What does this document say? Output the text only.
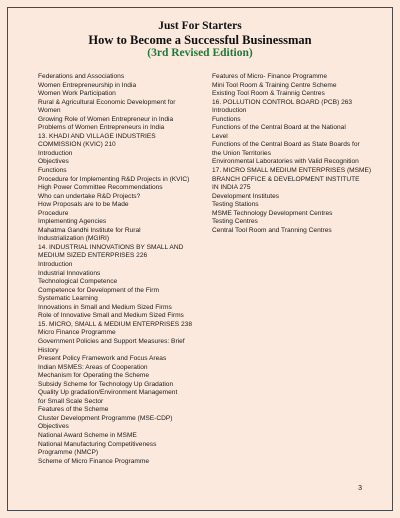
Just For Starters
How to Become a Successful Businessman
(3rd Revised Edition)
Federations and Associations
Women Entrepreneurship in India
Women Work Participation
Rural & Agricultural Economic Development for
Women
Growing Role of Women Entrepreneur in India
Problems of Women Entrepreneurs in India
13. KHADI AND VILLAGE INDUSTRIES
COMMISSION (KVIC) 210
Introduction
Objectives
Functions
Procedure for Implementing R&D Projects in (KVIC)
High Power Committee Recommendations
Who can undertake R&D Projects?
How Proposals are to be Made
Procedure
Implementing Agencies
Mahatma Gandhi Institute for Rural
Industrialization (MGIRI)
14. INDUSTRIAL INNOVATIONS BY SMALL AND
MEDIUM SIZED ENTERPRISES 226
Introduction
Industrial Innovations
Technological Competence
Competence for Development of the Firm
Systematic Learning
Innovations in Small and Medium Sized Firms
Role of Innovative Small and Medium Sized Firms
15. MICRO, SMALL & MEDIUM ENTERPRISES 238
Micro Finance Programme
Government Policies and Support Measures: Brief
History
Present Policy Framework and Focus Areas
Indian MSMES: Areas of Cooperation
Mechanism for Operating the Scheme
Subsidy Scheme for Technology Up Gradation
Quality Up gradation/Environment Management
for Small Scale Sector
Features of the Scheme
Cluster Development Programme (MSE-CDP)
Objectives
National Award Scheme in MSME
National Manufacturing Competitiveness
Programme (NMCP)
Scheme of Micro Finance Programme
Features of Micro- Finance Programme
Mini Tool Room & Training Centre Scheme
Existing Tool Room & Trainnig Centres
16. POLLUTION CONTROL BOARD (PCB) 263
Introduction
Functions
Functions of the Central Board at the National
Level
Functions of the Central Board as State Boards for
the Union Territories
Environmental Laboratories with Valid Recognition
17. MICRO SMALL MEDIUM ENTERPRISES (MSME)
BRANCH OFFICE & DEVELOPMENT INSTITUTE
IN INDIA 275
Development Institutes
Testing Stations
MSME Technology Development Centres
Testing Centres
Central Tool Room and Tranning Centres
3
